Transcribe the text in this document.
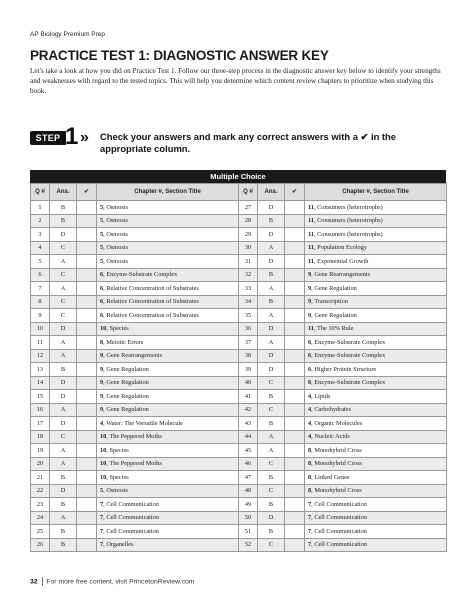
AP Biology Premium Prep
PRACTICE TEST 1: DIAGNOSTIC ANSWER KEY

Let's take a look at how you did on Practice Test 1. Follow our three-step process in the diagnostic answer key below to identify your strengths and weaknesses with regard to the tested topics. This will help you determine which content review chapters to prioritize when studying this book.

STEP 1 » Check your answers and mark any correct answers with a ✔ in the appropriate column.
Multiple Choice
Q #	Ans.	✔	Chapter #, Section Title	Q #	Ans.	✔	Chapter #, Section Title
1	B		5, Osmosis	27	D		11, Consumers (heterotrophs)
2	B		5, Osmosis	28	B		11, Consumers (heterotrophs)
3	D		5, Osmosis	29	D		11, Consumers (heterotrophs)
4	C		5, Osmosis	30	A		11, Population Ecology
5	A		5, Osmosis	31	D		11, Exponential Growth
6	C		6, Enzyme-Substrate Complex	32	B		9, Gene Rearrangements
7	A		6, Relative Concentration of Substrates	33	A		9, Gene Regulation
8	C		6, Relative Concentration of Substrates	34	B		9, Transcription
9	C		6, Relative Concentration of Substrates	35	A		9, Gene Regulation
10	D		10, Species	36	D		11, The 10% Rule
11	A		8, Meiotic Errors	37	A		6, Enzyme-Substrate Complex
12	A		9, Gene Rearrangements	38	D		6, Enzyme-Substrate Complex
13	B		9, Gene Regulation	39	D		6, Higher Protein Structure
14	D		9, Gene Regulation	40	C		6, Enzyme-Substrate Complex
15	D		9, Gene Regulation	41	B		4, Lipids
16	A		9, Gene Regulation	42	C		4, Carbohydrates
17	D		4, Water: The Versatile Molecule	43	B		4, Organic Molecules
18	C		10, The Peppered Moths	44	A		4, Nucleic Acids
19	A		10, Species	45	A		8, Monohybrid Cross
20	A		10, The Peppered Moths	46	C		8, Monohybrid Cross
21	B		10, Species	47	B		8, Linked Genes
22	D		5, Osmosis	48	C		8, Monohybrid Cross
23	B		7, Cell Communication	49	B		7, Cell Communication
24	A		7, Cell Communication	50	D		7, Cell Communication
25	B		7, Cell Communication	51	B		7, Cell Communication
26	B		7, Organelles	52	C		7, Cell Communication
32 For more free content, visit PrincetonReview.com
